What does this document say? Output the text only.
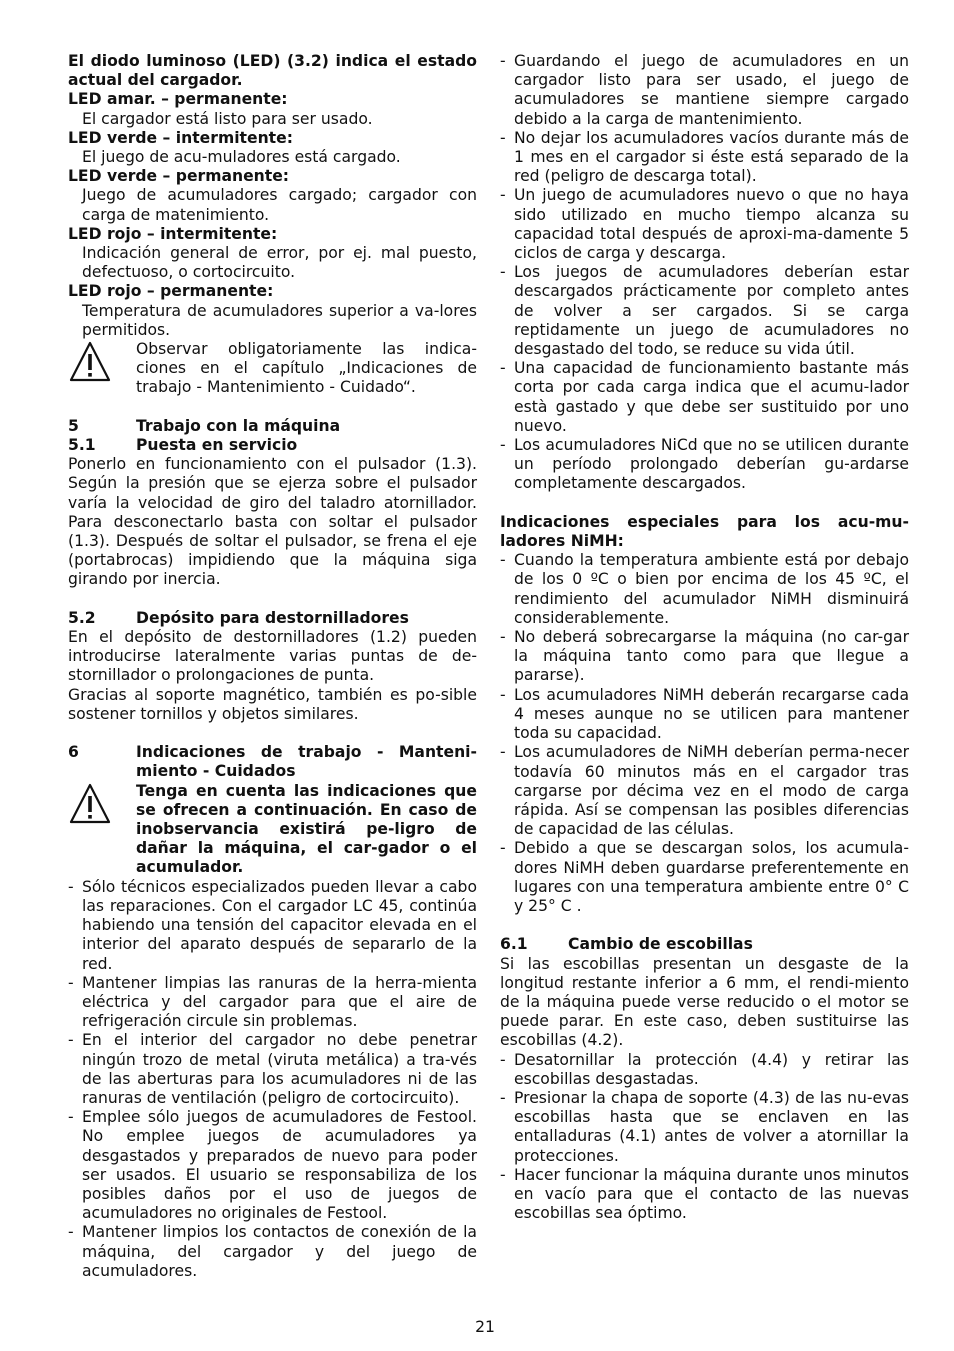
El diodo luminoso (LED) (3.2) indica el estado actual del cargador.

LED amar. – permanente:

El cargador está listo para ser usado.

LED verde – intermitente:

El juego de acu-muladores está cargado.

LED verde – permanente:

Juego de acumuladores cargado; cargador con carga de matenimiento.

LED rojo – intermitente:

Indicación general de error, por ej. mal puesto, defectuoso, o cortocircuito.

LED rojo – permanente:

Temperatura de acumuladores superior a va-lores permitidos.

Observar obligatoriamente las indica-ciones en el capítulo „Indicaciones de trabajo - Mantenimiento - Cuidado“.
5	Trabajo con la máquina
5.1	Puesta en servicio

Ponerlo en funcionamiento con el pulsador (1.3). Según la presión que se ejerza sobre el pulsador varía la velocidad de giro del taladro atornillador. Para desconectarlo basta con soltar el pulsador (1.3). Después de soltar el pulsador, se frena el eje (portabrocas) impidiendo que la máquina siga girando por inercia.

5.2	Depósito para destornilladores

En el depósito de destornilladores (1.2) pueden introducirse lateralmente varias puntas de de-stornillador o prolongaciones de punta.

Gracias al soporte magnético, también es po-sible sostener tornillos y objetos similares.

6	Indicaciones de trabajo - Manteni-miento - Cuidados
Tenga en cuenta las indicaciones que se ofrecen a continuación. En caso de inobservancia existirá pe-ligro de dañar la máquina, el car-gador o el acumulador.
- Sólo técnicos especializados pueden llevar a cabo las reparaciones. Con el cargador LC 45, continúa habiendo una tensión del capacitor elevada en el interior del aparato después de separarlo de la red.
- Mantener limpias las ranuras de la herra-mienta eléctrica y del cargador para que el aire de refrigeración circule sin problemas.
- En el interior del cargador no debe penetrar ningún trozo de metal (viruta metálica) a tra-vés de las aberturas para los acumuladores ni de las ranuras de ventilación (peligro de cortocircuito).
- Emplee sólo juegos de acumuladores de Festool. No emplee juegos de acumuladores ya desgastados y preparados de nuevo para poder ser usados. El usuario se responsabiliza de los posibles daños por el uso de juegos de acumuladores no originales de Festool.
- Mantener limpios los contactos de conexión de la máquina, del cargador y del juego de acumuladores.
- Guardando el juego de acumuladores en un cargador listo para ser usado, el juego de acumuladores se mantiene siempre cargado debido a la carga de mantenimiento.
- No dejar los acumuladores vacíos durante más de 1 mes en el cargador si éste está separado de la red (peligro de descarga total).
- Un juego de acumuladores nuevo o que no haya sido utilizado en mucho tiempo alcanza su capacidad total después de aproxi-ma-damente 5 ciclos de carga y descarga.
- Los juegos de acumuladores deberían estar descargados prácticamente por completo antes de volver a ser cargados. Si se carga reptidamente un juego de acumuladores no desgastado del todo, se reduce su vida útil.
- Una capacidad de funcionamiento bastante más corta por cada carga indica que el acumu-lador està gastado y que debe ser sustituido por uno nuevo.
- Los acumuladores NiCd que no se utilicen durante un período prolongado deberían gu-ardarse completamente descargados.

Indicaciones especiales para los acu-mu-ladores NiMH:

- Cuando la temperatura ambiente está por debajo de los 0 ºC o bien por encima de los 45 ºC, el rendimiento del acumulador NiMH disminuirá considerablemente.
- No deberá sobrecargarse la máquina (no car-gar la máquina tanto como para que llegue a pararse).
- Los acumuladores NiMH deberán recargarse cada 4 meses aunque no se utilicen para mantener toda su capacidad.
- Los acumuladores de NiMH deberían perma-necer todavía 60 minutos más en el cargador tras cargarse por décima vez en el modo de carga rápida. Así se compensan las posibles diferencias de capacidad de las células.
- Debido a que se descargan solos, los acumula-dores NiMH deben guardarse preferentemente en lugares con una temperatura ambiente entre 0° C y 25° C .
6.1	Cambio de escobillas

Si las escobillas presentan un desgaste de la longitud restante inferior a 6 mm, el rendi-miento de la máquina puede verse reducido o el motor se puede parar. En este caso, deben sustituirse las escobillas (4.2).

- Desatornillar la protección (4.4) y retirar las escobillas desgastadas.
- Presionar la chapa de soporte (4.3) de las nu-evas escobillas hasta que se enclaven en las entalladuras (4.1) antes de volver a atornillar la protecciones.
- Hacer funcionar la máquina durante unos minutos en vacío para que el contacto de las nuevas escobillas sea óptimo.
21
